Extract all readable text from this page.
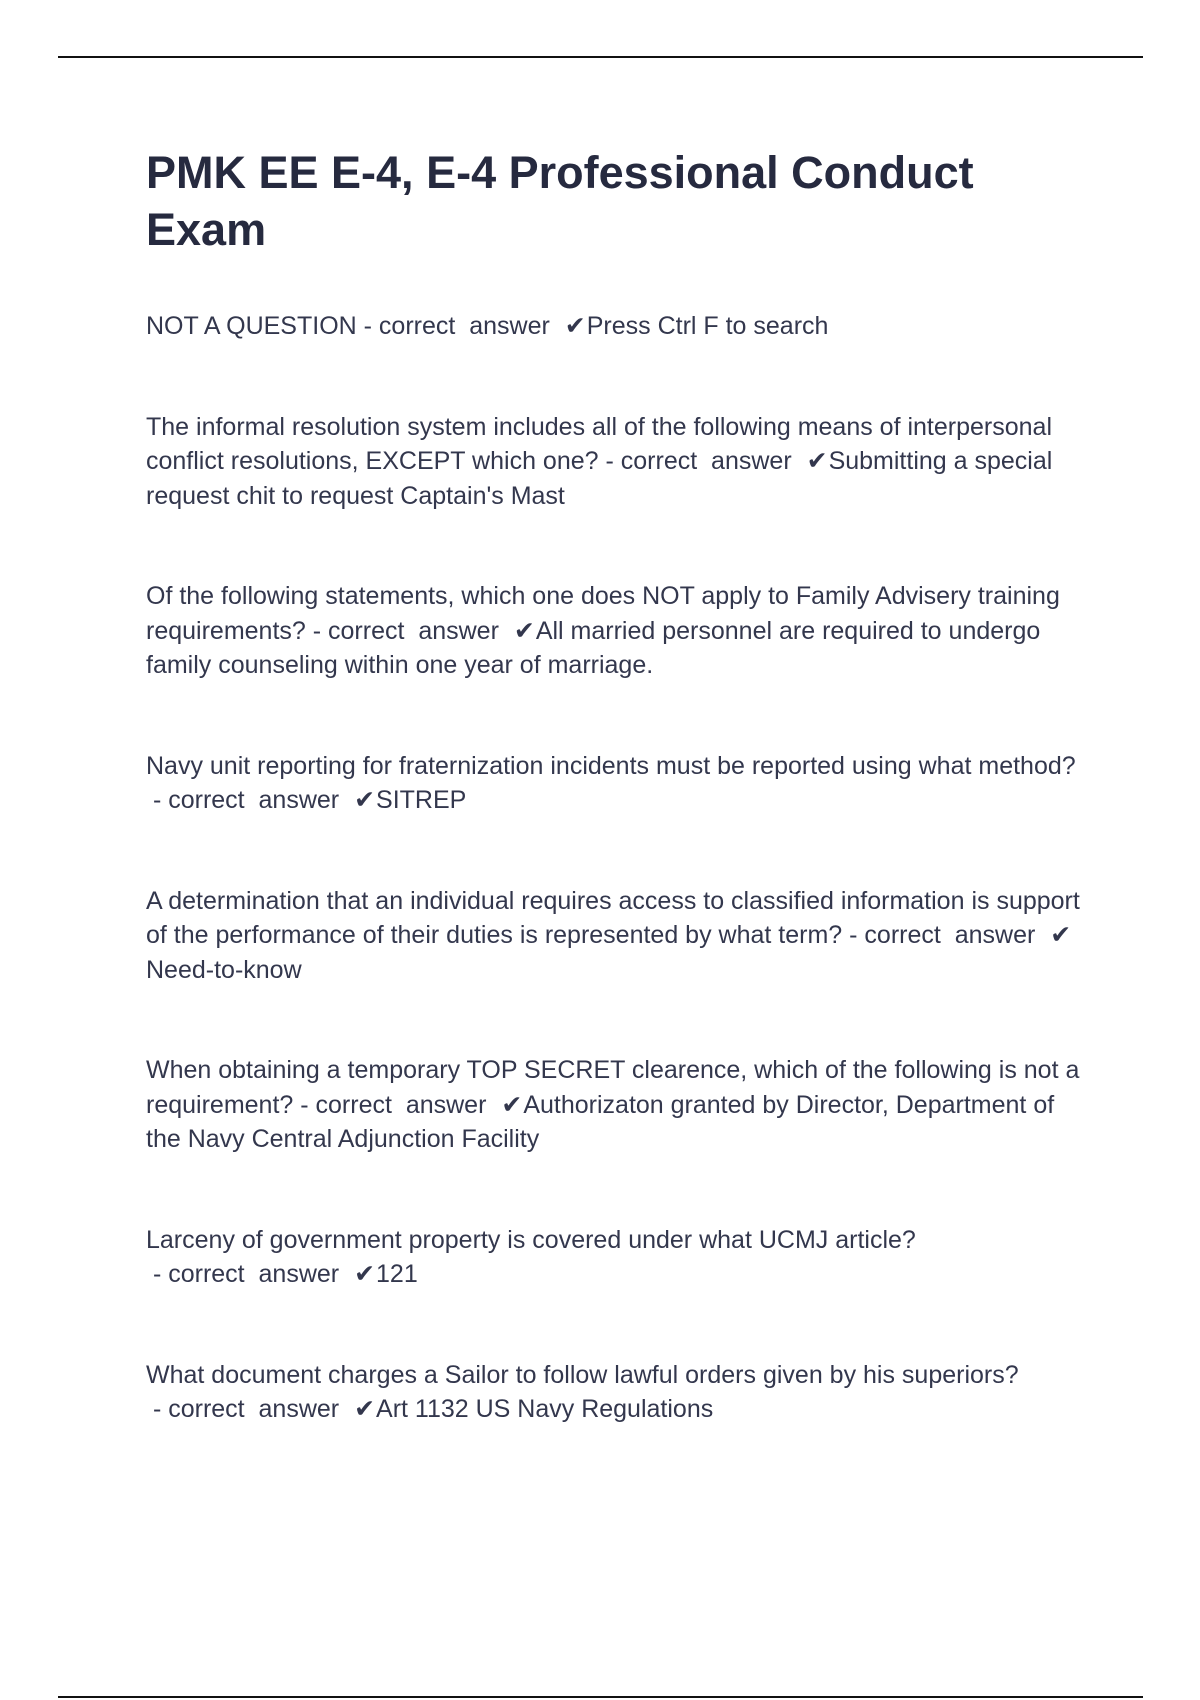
PMK EE E-4, E-4 Professional Conduct Exam

NOT A QUESTION - correct  answer ✔Press Ctrl F to search

The informal resolution system includes all of the following means of interpersonal conflict resolutions, EXCEPT which one? - correct  answer ✔Submitting a special request chit to request Captain's Mast

Of the following statements, which one does NOT apply to Family Advisery training requirements? - correct  answer ✔All married personnel are required to undergo family counseling within one year of marriage.

Navy unit reporting for fraternization incidents must be reported using what method? - correct  answer ✔SITREP

A determination that an individual requires access to classified information is support of the performance of their duties is represented by what term? - correct  answer ✔Need-to-know

When obtaining a temporary TOP SECRET clearence, which of the following is not a requirement? - correct  answer ✔Authorizaton granted by Director, Department of the Navy Central Adjunction Facility

Larceny of government property is covered under what UCMJ article? - correct  answer ✔121

What document charges a Sailor to follow lawful orders given by his superiors? - correct  answer ✔Art 1132 US Navy Regulations
